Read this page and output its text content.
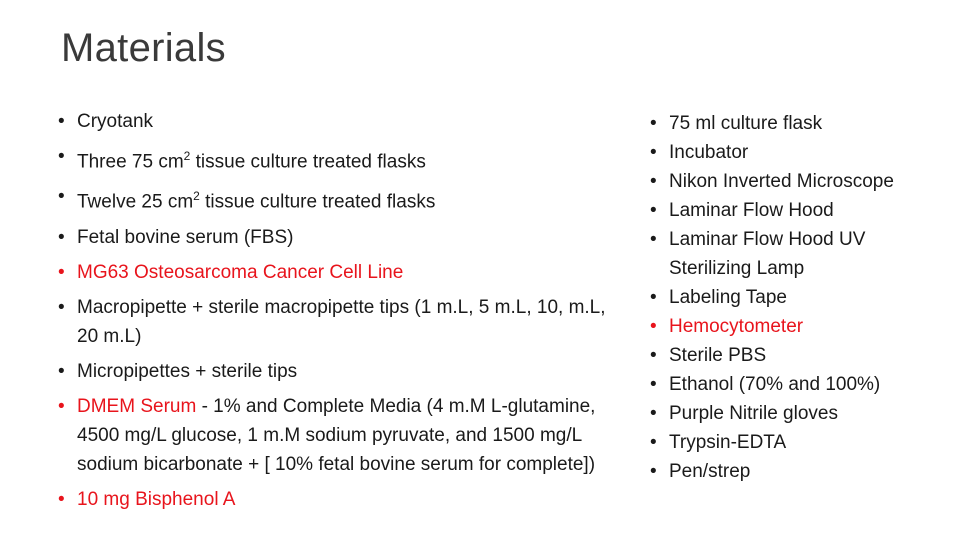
Materials
• Cryotank
• Three 75 $cm^2$ tissue culture treated flasks
• Twelve 25 $cm^2$ tissue culture treated flasks
• Fetal bovine serum (FBS)
• MG63 Osteosarcoma Cancer Cell Line
• Macropipette + sterile macropipette tips (1 m.L, 5 m.L, 10, m.L, 20 m.L)
• Micropipettes + sterile tips
• DMEM Serum - 1% and Complete Media (4 m.M L-glutamine, 4500 mg/L glucose, 1 m.M sodium pyruvate, and 1500 mg/L sodium bicarbonate + [ 10% fetal bovine serum for complete])
• 10 mg Bisphenol A
• 75 ml culture flask
• Incubator
• Nikon Inverted Microscope
• Laminar Flow Hood
• Laminar Flow Hood UV Sterilizing Lamp
• Labeling Tape
• Hemocytometer
• Sterile PBS
• Ethanol (70% and 100%)
• Purple Nitrile gloves
• Trypsin-EDTA
• Pen/strep
